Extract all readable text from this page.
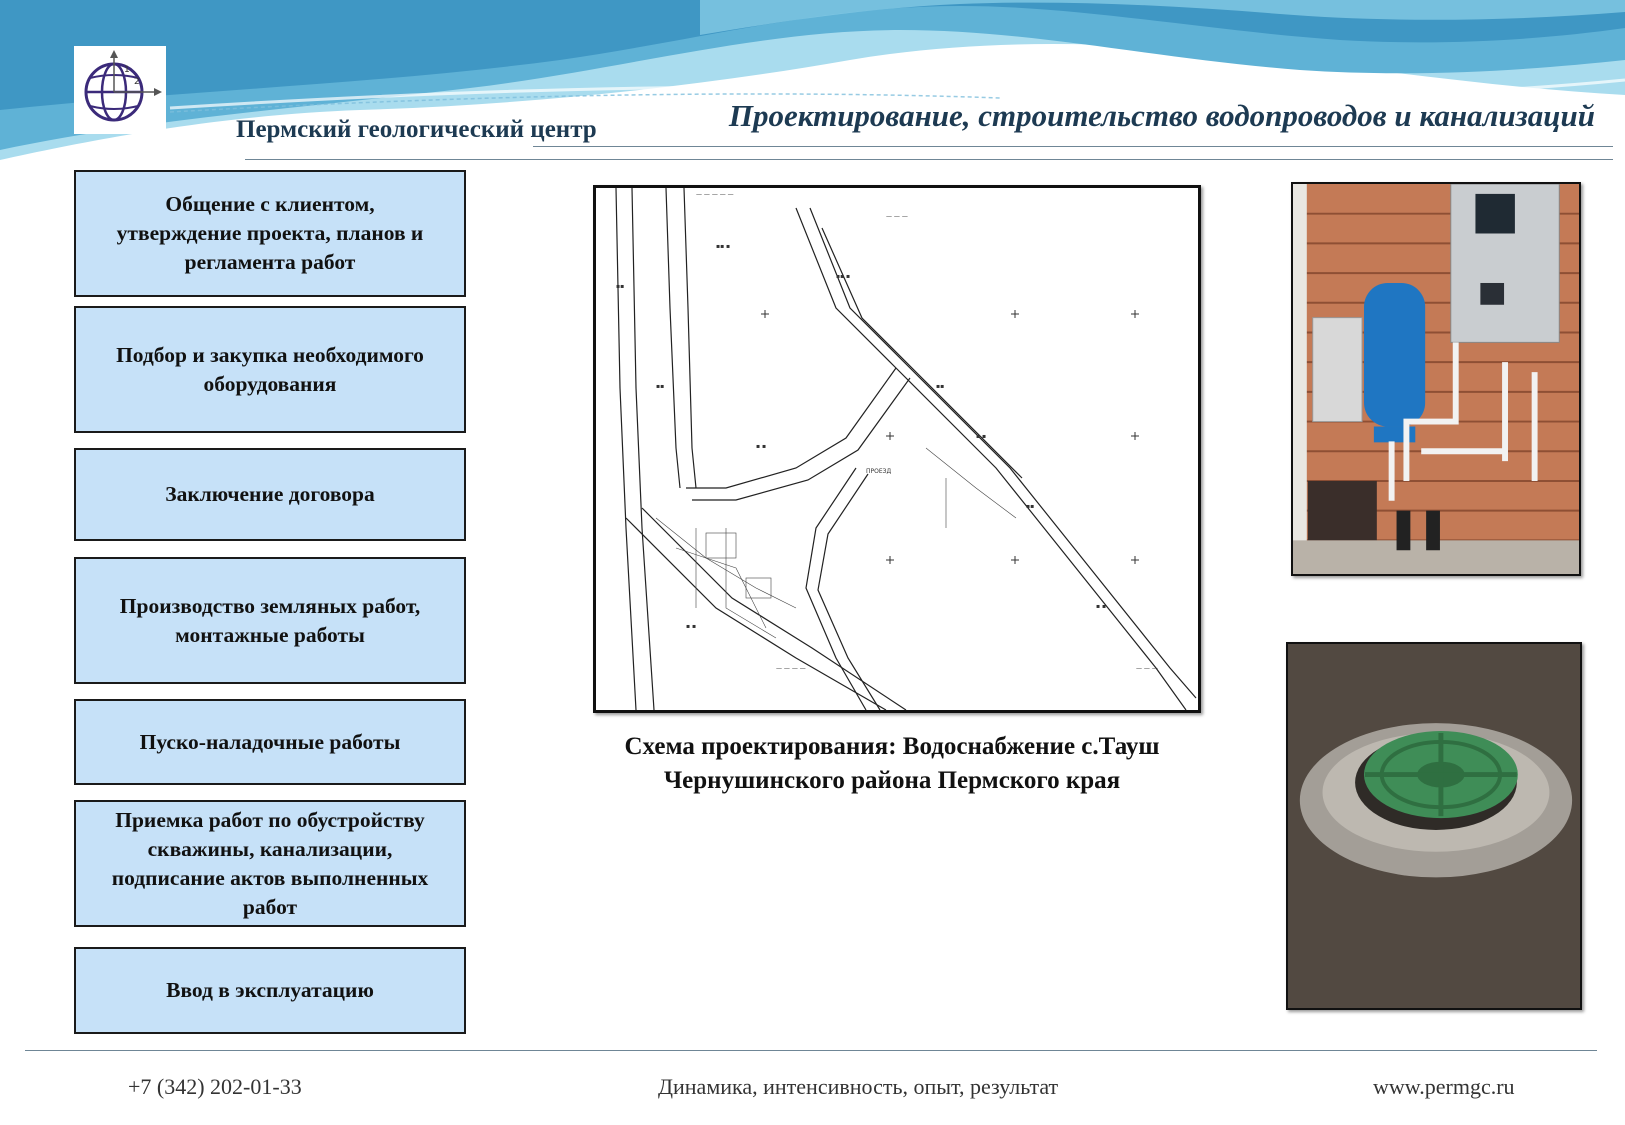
1
2
Пермский геологический центр	Проектирование, строительство водопроводов и канализаций
Общение с клиентом,
утверждение проекта, планов и
регламента работ
Подбор и закупка необходимого
оборудования
Заключение договора
Производство земляных работ,
монтажные работы
Пуско-наладочные работы
Приемка работ по обустройству
скважины, канализации,
подписание актов выполненных
работ
Ввод в эксплуатацию
— — — — —
— — —
ПРОЕЗД
— — — —	— — —
▪▪ ▪
▪▪ ▪
▪▪
▪ ▪
▪▪
▪ ▪
▪▪
▪ ▪
▪▪
▪ ▪
Схема проектирования: Водоснабжение с.Тауш
Чернушинского района Пермского края
+7 (342) 202-01-33	Динамика, интенсивность, опыт, результат	www.permgc.ru
